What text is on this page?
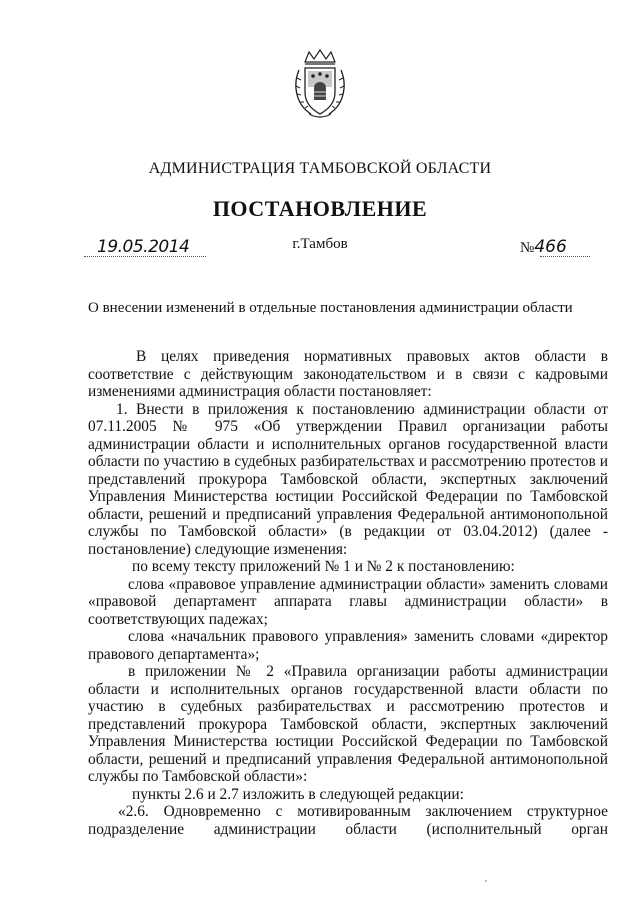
АДМИНИСТРАЦИЯ ТАМБОВСКОЙ ОБЛАСТИ
ПОСТАНОВЛЕНИЕ
19.05.2014	г.Тамбов	№466
О внесении изменений в отдельные постановления администрации области

В целях приведения нормативных правовых актов области в соответствие с действующим законодательством и в связи с кадровыми изменениями администрация области постановляет:

1. Внести в приложения к постановлению администрации области от 07.11.2005 № 975 «Об утверждении Правил организации работы администрации области и исполнительных органов государственной власти области по участию в судебных разбирательствах и рассмотрению протестов и представлений прокурора Тамбовской области, экспертных заключений Управления Министерства юстиции Российской Федерации по Тамбовской области, решений и предписаний управления Федеральной антимонопольной службы по Тамбовской области» (в редакции от 03.04.2012) (далее - постановление) следующие изменения:

по всему тексту приложений № 1 и № 2 к постановлению:

слова «правовое управление администрации области» заменить словами «правовой департамент аппарата главы администрации области» в соответствующих падежах;

слова «начальник правового управления» заменить словами «директор правового департамента»;

в приложении № 2 «Правила организации работы администрации области и исполнительных органов государственной власти области по участию в судебных разбирательствах и рассмотрению протестов и представлений прокурора Тамбовской области, экспертных заключений Управления Министерства юстиции Российской Федерации по Тамбовской области, решений и предписаний управления Федеральной антимонопольной службы по Тамбовской области»:

пункты 2.6 и 2.7 изложить в следующей редакции:

«2.6. Одновременно с мотивированным заключением структурное подразделение администрации области (исполнительный орган
